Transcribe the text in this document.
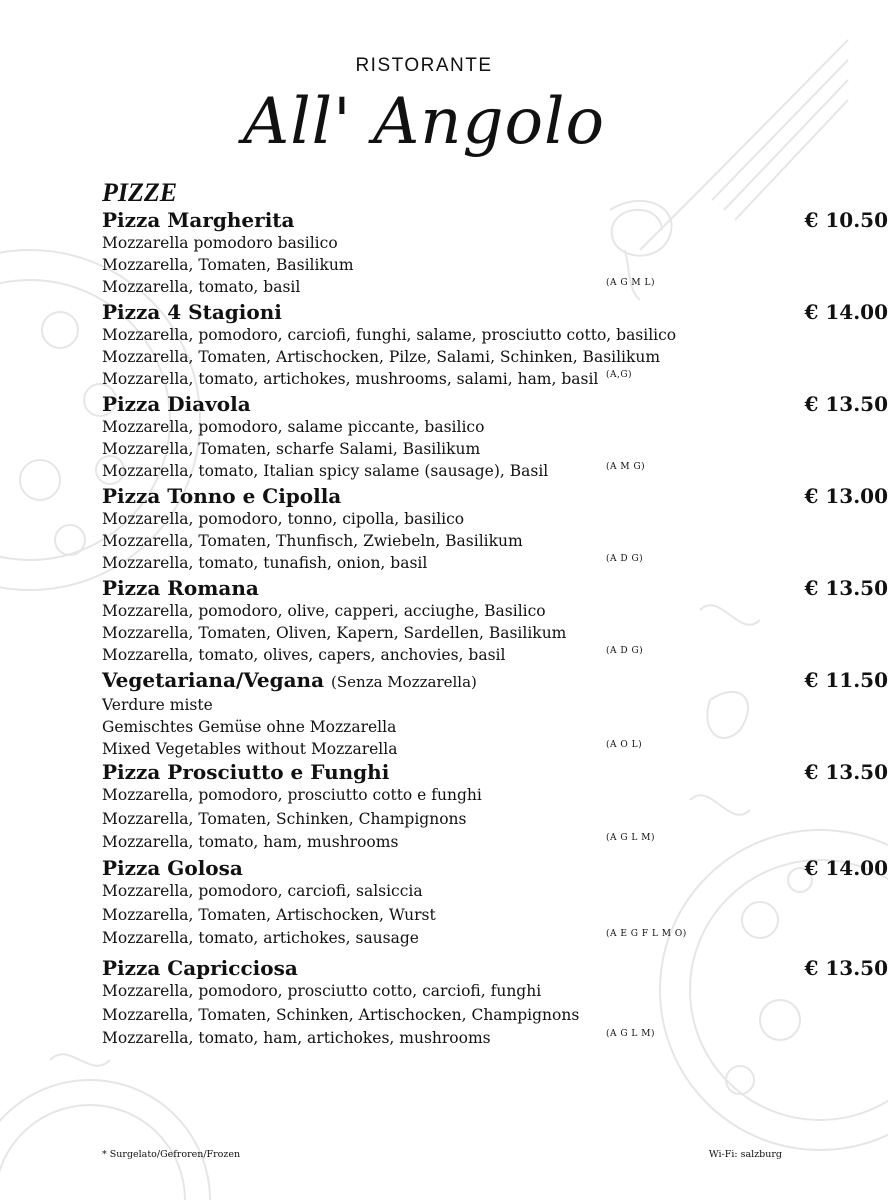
RISTORANTE
All' Angolo
PIZZE
Pizza Margherita	€ 10.50
Mozzarella pomodoro basilico
Mozzarella, Tomaten, Basilikum
Mozzarella, tomato, basil	(A G M L)
Pizza 4 Stagioni	€ 14.00
Mozzarella, pomodoro, carciofi, funghi, salame, prosciutto cotto, basilico
Mozzarella, Tomaten, Artischocken, Pilze, Salami, Schinken, Basilikum
Mozzarella, tomato, artichokes, mushrooms, salami, ham, basil (A,G)
Pizza Diavola	€ 13.50
Mozzarella, pomodoro, salame piccante, basilico
Mozzarella, Tomaten, scharfe Salami, Basilikum
Mozzarella, tomato, Italian spicy salame (sausage), Basil	(A M G)
Pizza Tonno e Cipolla	€ 13.00
Mozzarella, pomodoro, tonno, cipolla, basilico
Mozzarella, Tomaten, Thunfisch, Zwiebeln, Basilikum
Mozzarella, tomato, tunafish, onion, basil	(A D G)
Pizza Romana	€ 13.50
Mozzarella, pomodoro, olive, capperi, acciughe, Basilico
Mozzarella, Tomaten, Oliven, Kapern, Sardellen, Basilikum
Mozzarella, tomato, olives, capers, anchovies, basil	(A D G)
Vegetariana/Vegana (Senza Mozzarella)	€ 11.50
Verdure miste
Gemischtes Gemüse ohne Mozzarella
Mixed Vegetables without Mozzarella	(A O L)
Pizza Prosciutto e Funghi	€ 13.50
Mozzarella, pomodoro, prosciutto cotto e funghi
Mozzarella, Tomaten, Schinken, Champignons
Mozzarella, tomato, ham, mushrooms	(A G L M)
Pizza Golosa	€ 14.00
Mozzarella, pomodoro, carciofi, salsiccia
Mozzarella, Tomaten, Artischocken, Wurst
Mozzarella, tomato, artichokes, sausage	(A E G F L M O)
Pizza Capricciosa	€ 13.50
Mozzarella, pomodoro, prosciutto cotto, carciofi, funghi
Mozzarella, Tomaten, Schinken, Artischocken, Champignons
Mozzarella, tomato, ham, artichokes, mushrooms	(A G L M)
* Surgelato/Gefroren/Frozen	Wi-Fi: salzburg
